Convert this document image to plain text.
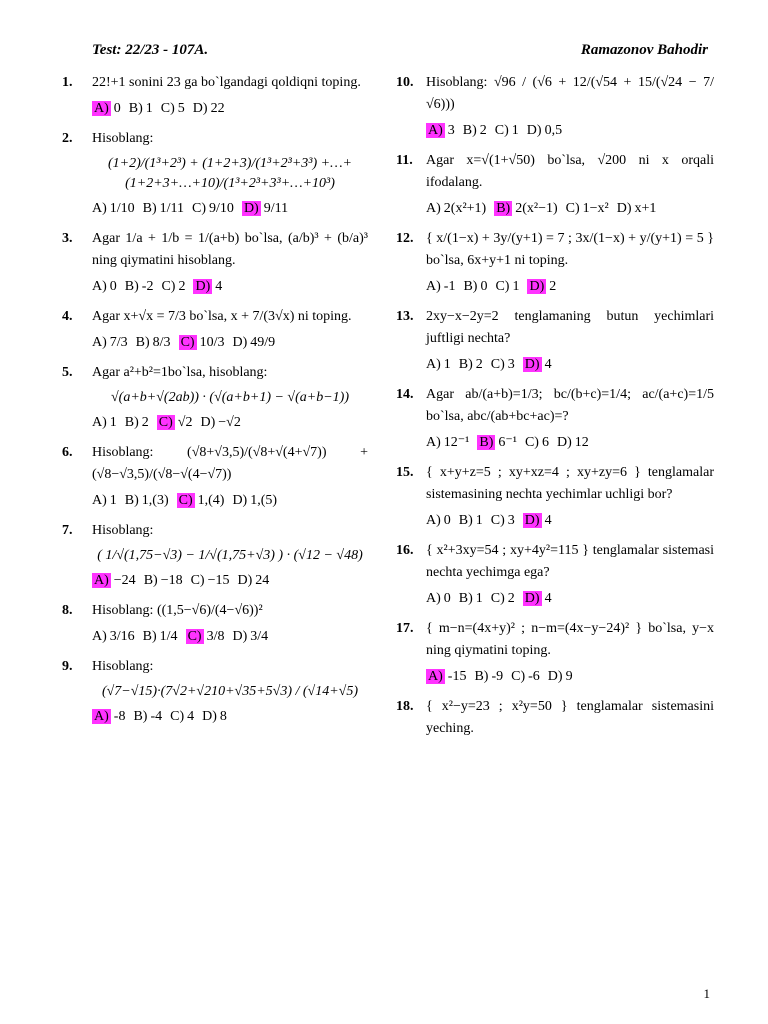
Test: 22/23 - 107A.	Ramazonov Bahodir
1. 22!+1 sonini 23 ga bo`lgandagi qoldiqni toping.
A) 0 B) 1 C) 5 D) 22
2. Hisoblang:
(1+2)/(1³+2³) + (1+2+3)/(1³+2³+3³) +…+ (1+2+3+…+10)/(1³+2³+3³+…+10³)
A) 1/10 B) 1/11 C) 9/10 D) 9/11
3. Agar 1/a + 1/b = 1/(a+b) bo`lsa, (a/b)³ + (b/a)³ ning qiymatini hisoblang.
A) 0 B) -2 C) 2 D) 4
4. Agar x+√x = 7/3 bo`lsa, x + 7/(3√x) ni toping.
A) 7/3 B) 8/3 C) 10/3 D) 49/9
5. Agar a²+b²=1bo`lsa, hisoblang:
√(a+b+√(2ab)) · (√(a+b+1) − √(a+b−1))
A) 1 B) 2 C) √2 D) −√2
6. Hisoblang: (√8+√3,5)/(√8+√(4+√7)) + (√8−√3,5)/(√8−√(4−√7))
A) 1 B) 1,(3) C) 1,(4) D) 1,(5)
7. Hisoblang:
( 1/√(1,75−√3) − 1/√(1,75+√3) ) · (√12 − √48)
A) −24 B) −18 C) −15 D) 24
8. Hisoblang: ((1,5−√6)/(4−√6))²
A) 3/16 B) 1/4 C) 3/8 D) 3/4
9. Hisoblang:
(√7−√15)·(7√2+√210+√35+5√3) / (√14+√5)
A) -8 B) -4 C) 4 D) 8
10. Hisoblang: √96 / (√6 + 12/(√54 + 15/(√24 − 7/√6)))
A) 3 B) 2 C) 1 D) 0,5
11. Agar x=√(1+√50) bo`lsa, √200 ni x orqali ifodalang.
A) 2(x²+1) B) 2(x²−1) C) 1−x² D) x+1
12. { x/(1−x) + 3y/(y+1) = 7 ; 3x/(1−x) + y/(y+1) = 5 } bo`lsa, 6x+y+1 ni toping.
A) -1 B) 0 C) 1 D) 2
13. 2xy−x−2y=2 tenglamaning butun yechimlari juftligi nechta?
A) 1 B) 2 C) 3 D) 4
14. Agar ab/(a+b)=1/3; bc/(b+c)=1/4; ac/(a+c)=1/5 bo`lsa, abc/(ab+bc+ac)=?
A) 12⁻¹ B) 6⁻¹ C) 6 D) 12
15. { x+y+z=5 ; xy+xz=4 ; xy+zy=6 } tenglamalar sistemasining nechta yechimlar uchligi bor?
A) 0 B) 1 C) 3 D) 4
16. { x²+3xy=54 ; xy+4y²=115 } tenglamalar sistemasi nechta yechimga ega?
A) 0 B) 1 C) 2 D) 4
17. { m−n=(4x+y)² ; n−m=(4x−y−24)² } bo`lsa, y−x ning qiymatini toping.
A) -15 B) -9 C) -6 D) 9
18. { x²−y=23 ; x²y=50 } tenglamalar sistemasini yeching.
1
